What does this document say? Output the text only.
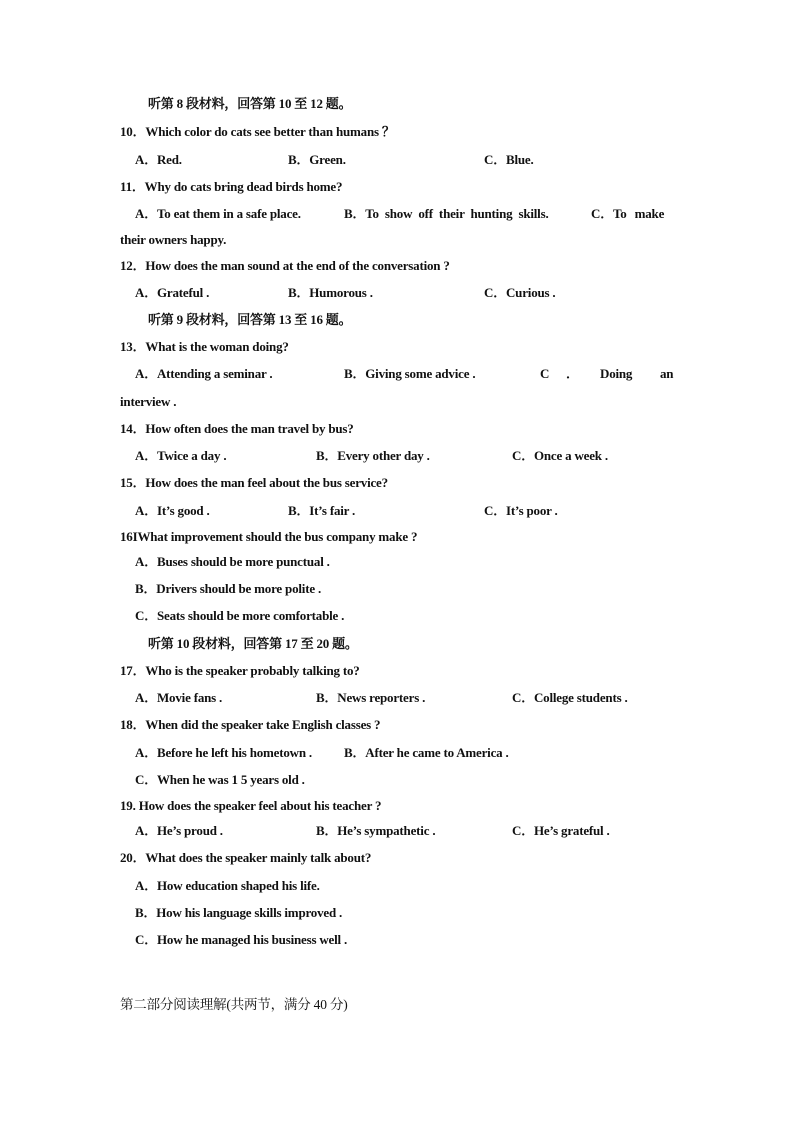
听第 8 段材料，回答第 10 至 12 题。
10．Which color do cats see better than humans ？
A．Red.	B．Green.	C．Blue.
11．Why do cats bring dead birds home?
A．To eat them in a safe place.	B．To show off their hunting skills.	C．To make
their owners happy.
12．How does the man sound at the end of the conversation ?
A．Grateful .	B．Humorous .	C．Curious .
听第 9 段材料，回答第 13 至 16 题。
13．What is the woman doing?
A．Attending a seminar .	B．Giving some advice .	C ． Doing an
interview .
14．How often does the man travel by bus?
A．Twice a day .	B．Every other day .	C．Once a week .
15．How does the man feel about the bus service?
A．It’s good .	B．It’s fair .	C．It’s poor .
16IWhat improvement should the bus company make ?
A．Buses should be more punctual .
B．Drivers should be more polite .
C．Seats should be more comfortable .
听第 10 段材料，回答第 17 至 20 题。
17．Who is the speaker probably talking to?
A．Movie fans .	B．News reporters .	C．College students .
18．When did the speaker take English classes ?
A．Before he left his hometown . B．After he came to America .
C．When he was 1 5 years old .
19. How does the speaker feel about his teacher ?
A．He’s proud .	B．He’s sympathetic .	C．He’s grateful .
20．What does the speaker mainly talk about?
A．How education shaped his life.
B．How his language skills improved .
C．How he managed his business well .
第二部分阅读理解(共两节，满分 40 分)
